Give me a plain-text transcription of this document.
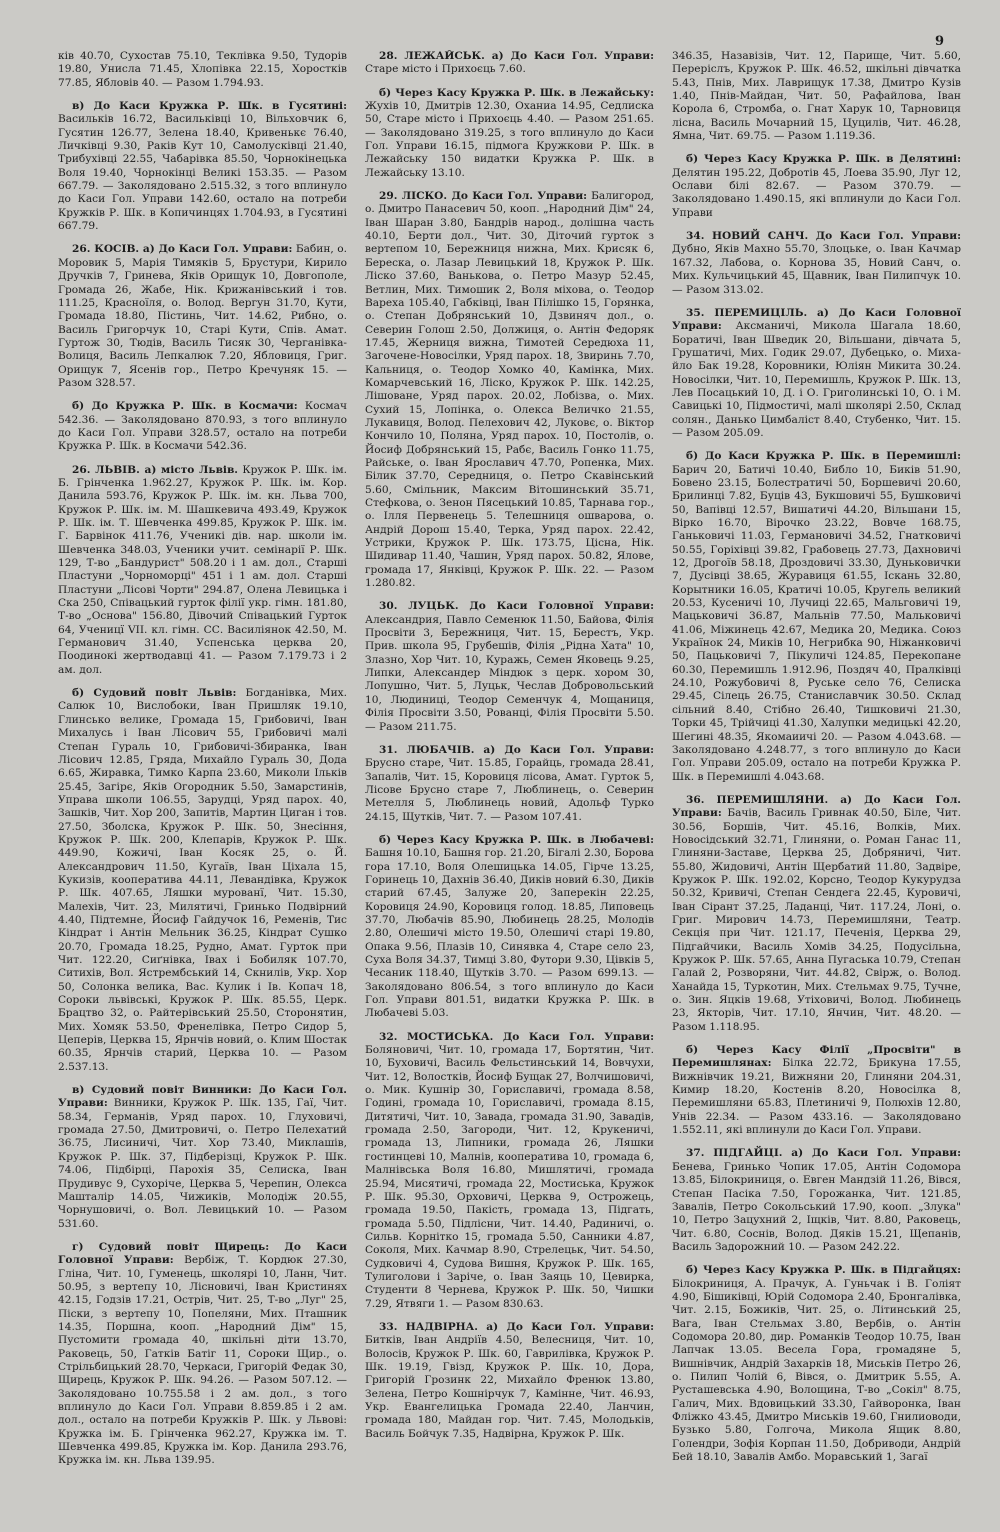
9

ків 40.70, Сухостав 75.10, Теклівка 9.50, Тудорів 19.80, Унисла 71.45, Хлопівка 22.15, Хоростків 77.85, Ябловів 40. — Разом 1.794.93.

в) До Каси Кружка Р. Шк. в Гусятині: Васильків 16.72, Васильківці 10, Вільховчик 6, Гусятин 126.77, Зелена 18.40, Кривенькє 76.40, Личківці 9.30, Раків Кут 10, Самолусківці 21.40, Трибухівці 22.55, Чабарівка 85.50, Чорнокінецька Воля 19.40, Чорнокінці Великі 153.35. — Разом 667.79. — Заколядовано 2.515.32, з того вплинуло до Каси Гол. Управи 142.60, остало на потреби Кружків Р. Шк. в Копичинцях 1.704.93, в Гусятині 667.79.

26. КОСІВ. а) До Каси Гол. Управи: Бабин, о. Моровик 5, Марія Тимяків 5, Брустури, Кирило Дручків 7, Гринева, Яків Орищук 10, Довгополе, Громада 26, Жабе, Нік. Крижанівський і тов. 111.25, Красноїля, о. Волод. Вергун 31.70, Кути, Громада 18.80, Пістинь, Чит. 14.62, Рибно, о. Василь Григорчук 10, Старі Кути, Спів. Амат. Гуртож 30, Тюдів, Василь Тисяк 30, Черганівка-Волиця, Василь Лепкалюк 7.20, Ябловиця, Григ. Орищук 7, Ясенів гор., Петро Кречуняк 15. — Разом 328.57.

б) До Кружка Р. Шк. в Космачи: Космач 542.36. — Заколядовано 870.93, з того вплинуло до Каси Гол. Управи 328.57, остало на потреби Кружка Р. Шк. в Космачи 542.36.

26. ЛЬВІВ. а) місто Львів. Кружок Р. Шк. ім. Б. Грінченка 1.962.27, Кружок Р. Шк. ім. Кор. Данила 593.76, Кружок Р. Шк. ім. кн. Льва 700, Кружок Р. Шк. ім. М. Шашкевича 493.49, Кружок Р. Шк. ім. Т. Шевченка 499.85, Кружок Р. Шк. ім. Г. Барвінок 411.76, Ученикі дів. нар. школи ім. Шевченка 348.03, Ученики учит. семінарії Р. Шк. 129, Т-во „Бандурист" 508.20 і 1 ам. дол., Старші Пластуни „Чорноморці" 451 і 1 ам. дол. Старші Пластуни „Лісові Чорти" 294.87, Олена Левицька і Ска 250, Співацький гурток філії укр. гімн. 181.80, Т-во „Основа" 156.80, Дівочий Співацький Гурток 64, Ученицї VII. кл. гімн. СС. Василіянок 42.50, М. Германович 31.40, Успенська церква 20, Поодинокі жертводавці 41. — Разом 7.179.73 і 2 ам. дол.

б) Судовий повіт Львів: Богданівка, Мих. Салюк 10, Вислобоки, Іван Пришляк 19.10, Глинсько велике, Громада 15, Грибовичі, Іван Михалусь і Іван Лісович 55, Грибовичі малі Степан Гураль 10, Грибовичі-Збиранка, Іван Лісович 12.85, Гряда, Михайло Гураль 30, Дода 6.65, Жиравка, Тимко Карпа 23.60, Миколи Ільків 25.45, Загірє, Яків Огородник 5.50, Замарстинів, Управа школи 106.55, Зарудці, Уряд парох. 40, Зашків, Чит. Хор 200, Запитів, Мартин Циган і тов. 27.50, Зболска, Кружок Р. Шк. 50, Знесіння, Кружок Р. Шк. 200, Клепарів, Кружок Р. Шк. 449.90, Кожичі, Іван Косяк 25, о. Й. Александрович 11.50, Кугаїв, Іван Ціхала 15, Кукизів, кооператива 44.11, Левандівка, Кружок Р. Шк. 407.65, Ляшки мурованї, Чит. 15.30, Малехів, Чит. 23, Милятичі, Гринько Подвірний 4.40, Підтемне, Йосиф Гайдучок 16, Ременів, Тис Кіндрат і Антін Мельник 36.25, Кіндрат Сушко 20.70, Громада 18.25, Рудно, Амат. Гурток при Чит. 122.20, Сиґнівка, Івах і Бобиляк 107.70, Ситихів, Вол. Ястрембський 14, Скнилів, Укр. Хор 50, Солонка велика, Вас. Кулик і Ів. Копач 18, Сороки львівські, Кружок Р. Шк. 85.55, Церк. Брацтво 32, о. Райтерівський 25.50, Сторонятин, Мих. Хомяк 53.50, Френелівка, Петро Сидор 5, Цеперів, Церква 15, Ярнчів новий, о. Клим Шостак 60.35, Ярнчів старий, Церква 10. — Разом 2.537.13.

в) Судовий повіт Винники: До Каси Гол. Управи: Винники, Кружок Р. Шк. 135, Гаї, Чит. 58.34, Германів, Уряд парох. 10, Глуховичі, громада 27.50, Дмитровичі, о. Петро Пелехатий 36.75, Лисиничі, Чит. Хор 73.40, Миклашів, Кружок Р. Шк. 37, Підберізці, Кружок Р. Шк. 74.06, Підбірці, Парохія 35, Селиска, Іван Прудивус 9, Сухоріче, Церква 5, Черепин, Олекса Машталір 14.05, Чижиків, Молодіж 20.55, Чорнушовичі, о. Вол. Левицький 10. — Разом 531.60.

г) Судовий повіт Щирець: До Каси Головної Управи: Вербіж, Т. Кордюк 27.30, Гліна, Чит. 10, Гуменець, школярі 10, Ланн, Чит. 50.95, з вертепу 10, Лісновичі, Іван Кристинях 42.15, Годзів 17.21, Острів, Чит. 25, Т-во „Луг" 25, Піски, з вертепу 10, Попеляни, Мих. Пташник 14.35, Поршна, кооп. „Народний Дім" 15, Пустомити громада 40, шкільні діти 13.70, Раковець, 50, Гатків Батіг 11, Сороки Щир., о. Стрільбицький 28.70, Черкаси, Григорій Федак 30, Щирець, Кружок Р. Шк. 94.26. — Разом 507.12. — Заколядовано 10.755.58 і 2 ам. дол., з того вплинуло до Каси Гол. Управи 8.859.85 і 2 ам. дол., остало на потреби Кружків Р. Шк. у Львові: Кружка ім. Б. Грінченка 962.27, Кружка ім. Т. Шевченка 499.85, Кружка ім. Кор. Данила 293.76, Кружка ім. кн. Льва 139.95.

28. ЛЕЖАЙСЬК. а) До Каси Гол. Управи: Старе місто і Прихоєць 7.60.

б) Через Касу Кружка Р. Шк. в Лежайську: Жухів 10, Дмитрів 12.30, Оханиа 14.95, Седлиска 50, Старе місто і Прихоєць 4.40. — Разом 251.65. — Заколядовано 319.25, з того вплинуло до Каси Гол. Управи 16.15, підмога Кружкови Р. Шк. в Лежайську 150 видатки Кружка Р. Шк. в Лежайську 13.10.

29. ЛІСКО. До Каси Гол. Управи: Балигород, о. Дмитро Панасевич 50, кооп. „Народний Дім" 24, Іван Шаран 3.80, Бандрів народ., долішна часть 40.10, Берти дол., Чит. 30, Діточий гурток з вертепом 10, Бережниця нижна, Мих. Крисяк 6, Береска, о. Лазар Левицький 18, Кружок Р. Шк. Ліско 37.60, Ванькова, о. Петро Мазур 52.45, Ветлин, Мих. Тимошик 2, Воля міхова, о. Теодор Вареха 105.40, Габківці, Іван Пілішко 15, Горянка, о. Степан Добрянський 10, Дзвиняч дол., о. Северин Голош 2.50, Должиця, о. Антін Федоряк 17.45, Жерниця вижна, Тимотей Середюха 11, Загочене-Новосілки, Уряд парох. 18, Звиринь 7.70, Кальниця, о. Теодор Хомко 40, Камінка, Мих. Комарчевський 16, Ліско, Кружок Р. Шк. 142.25, Лішоване, Уряд парох. 20.02, Лобізва, о. Мих. Сухий 15, Лопінка, о. Олекса Величко 21.55, Лукавиця, Волод. Пелехович 42, Луковє, о. Віктор Кончило 10, Поляна, Уряд парох. 10, Постолів, о. Йосиф Добрянський 15, Рабє, Василь Гонко 11.75, Райське, о. Іван Ярославич 47.70, Ропенка, Мих. Білик 37.70, Середниця, о. Петро Скавінський 5.60, Смільник, Максим Вітошинський 35.71, Стефкова, о. Зенон Пясецький 10.85, Тарнава гор., о. Ілля Первенець 5. Телешниця ошварова, о. Андрій Дорош 15.40, Терка, Уряд парох. 22.42, Устрики, Кружок Р. Шк. 173.75, Цісна, Нік. Шидивар 11.40, Чашин, Уряд парох. 50.82, Ялове, громада 17, Янківці, Кружок Р. Шк. 22. — Разом 1.280.82.

30. ЛУЦЬК. До Каси Головної Управи: Александрия, Павло Семенюк 11.50, Байова, Філія Просвіти 3, Бережниця, Чит. 15, Берестъ, Укр. Прив. школа 95, Грубешів, Філія „Рідна Хата" 10, Злазно, Хор Чит. 10, Куражь, Семен Яковець 9.25, Липки, Александер Міндюк з церк. хором 30, Лопушно, Чит. 5, Луцьк, Чеслав Добровольський 10, Людиниці, Теодор Семенчук 4, Мощаниця, Філія Просвіти 3.50, Рованці, Філія Просвіти 5.50. — Разом 211.75.

31. ЛЮБАЧІВ. а) До Каси Гол. Управи: Брусно старе, Чит. 15.85, Горайць, громада 28.41, Запалів, Чит. 15, Коровиця лісова, Амат. Гурток 5, Лісове Брусно старе 7, Люблинець, о. Северин Метелля 5, Люблинець новий, Адольф Турко 24.15, Щутків, Чит. 7. — Разом 107.41.

б) Через Касу Кружка Р. Шк. в Любачеві: Башня 10.10, Башня гор. 21.20, Бігалі 2.30, Борова гора 17.10, Воля Олешицька 14.05, Гірче 13.25, Горинець 10, Дахнів 36.40, Диків новий 6.30, Диків старий 67.45, Залуже 20, Заперекін 22.25, Коровиця 24.90, Коровиця голод. 18.85, Липовець 37.70, Любачів 85.90, Любинець 28.25, Молодів 2.80, Олешичі місто 19.50, Олешичі старі 19.80, Опака 9.56, Плазів 10, Синявка 4, Старе село 23, Суха Воля 34.37, Тимці 3.80, Футори 9.30, Цівків 5, Чесаник 118.40, Щутків 3.70. — Разом 699.13. — Заколядовано 806.54, з того вплинуло до Каси Гол. Управи 801.51, видатки Кружка Р. Шк. в Любачеві 5.03.

32. МОСТИСЬКА. До Каси Гол. Управи: Боляновичі, Чит. 10, громада 17, Бортятин, Чит. 10, Буховичі, Василь Фельстинський 14, Вовчухи, Чит. 12, Волостків, Йосиф Бущак 27, Волчишовичі, о. Мик. Кушнір 30, Гориславичі, громада 8.58, Годині, громада 10, Гориславичі, громада 8.15, Дитятичі, Чит. 10, Завада, громада 31.90, Завадів, громада 2.50, Загороди, Чит. 12, Крукеничі, громада 13, Липники, громада 26, Ляшки гостинцеві 10, Малнів, кооператива 10, громада 6, Малнівська Воля 16.80, Мишлятичі, громада 25.94, Мисятичі, громада 22, Мостиська, Кружок Р. Шк. 95.30, Орховичі, Церква 9, Острожець, громада 19.50, Пакість, громада 13, Підгать, громада 5.50, Підлісни, Чит. 14.40, Радиничі, о. Сильв. Корнітко 15, громада 5.50, Санники 4.87, Соколя, Мих. Качмар 8.90, Стрелецьк, Чит. 54.50, Судковичі 4, Судова Вишня, Кружок Р. Шк. 165, Тулиголови і Заріче, о. Іван Заяць 10, Цевирка, Студенти 8 Чернева, Кружок Р. Шк. 50, Чишки 7.29, Ятвяги 1. — Разом 830.63.

33. НАДВІРНА. а) До Каси Гол. Управи: Битків, Іван Андріїв 4.50, Велесниця, Чит. 10, Волосів, Кружок Р. Шк. 60, Гаврилівка, Кружок Р. Шк. 19.19, Гвізд, Кружок Р. Шк. 10, Дора, Григорій Грозинк 22, Михайло Френюк 13.80, Зелена, Петро Кошнірчук 7, Камінне, Чит. 46.93, Укр. Евангелицька Громада 22.40, Ланчин, громада 180, Майдан гор. Чит. 7.45, Молодьків, Василь Бойчук 7.35, Надвірна, Кружок Р. Шк.

346.35, Назавізів, Чит. 12, Парище, Чит. 5.60, Переріслъ, Кружок Р. Шк. 46.52, шкільні дівчатка 5.43, Пнів, Мих. Лаврищук 17.38, Дмитро Кузів 1.40, Пнів-Майдан, Чит. 50, Рафайлова, Іван Корола 6, Стромба, о. Гнат Харук 10, Тарновиця лісна, Василь Мочарний 15, Цуцилів, Чит. 46.28, Ямна, Чит. 69.75. — Разом 1.119.36.

б) Через Касу Кружка Р. Шк. в Делятині: Делятин 195.22, Добротів 45, Лоева 35.90, Луг 12, Ослави білі 82.67. — Разом 370.79. — Заколядовано 1.490.15, які вплинули до Каси Гол. Управи

34. НОВИЙ САНЧ. До Каси Гол. Управи: Дубно, Яків Махно 55.70, Злоцьке, о. Іван Качмар 167.32, Лабова, о. Корнова 35, Новий Санч, о. Мих. Кульчицький 45, Щавник, Іван Пилипчук 10. — Разом 313.02.

35. ПЕРЕМИЦІЛЬ. а) До Каси Головної Управи: Аксманичі, Микола Шагала 18.60, Боратичі, Іван Шведик 20, Вільшани, дівчата 5, Грушатичі, Мих. Годик 29.07, Дубецько, о. Михайло Бак 19.28, Коровники, Юліян Микита 30.24. Новосілки, Чит. 10, Перемишль, Кружок Р. Шк. 13, Лев Посацький 10, Д. і О. Григолинські 10, О. і М. Савицькі 10, Підмостичі, малі школярі 2.50, Склад солян., Данько Цимбаліст 8.40, Стубенко, Чит. 15. — Разом 205.09.

б) До Каси Кружка Р. Шк. в Перемишлі: Барич 20, Батичі 10.40, Библо 10, Биків 51.90, Бовено 23.15, Болестратичі 50, Боршевичі 20.60, Брилинці 7.82, Буців 43, Букшовичі 55, Бушковичі 50, Вапівці 12.57, Вишатичі 44.20, Вільшани 15, Вірко 16.70, Вірочко 23.22, Вовче 168.75, Ганьковичі 11.03, Германовичі 34.52, Гнатковичі 50.55, Горіхівці 39.82, Грабовець 27.73, Дахновичі 12, Дрогоїв 58.18, Дроздовичі 33.30, Дуньковички 7, Дусівці 38.65, Журавиця 61.55, Іскань 32.80, Корытники 16.05, Кратичі 10.05, Кругель великий 20.53, Кусеничі 10, Лучиці 22.65, Мальговичі 19, Мацьковичі 36.87, Мальнів 77.50, Мальковичі 41.06, Міжинець 42.67, Медика 20, Медика. Союз Українок 24, Миків 10, Негрибка 90, Ніжанковичі 50, Пацьковичі 7, Пікуличі 124.85, Перекопане 60.30, Перемишль 1.912.96, Поздяч 40, Пралківці 24.10, Рожубовичі 8, Руське село 76, Селиска 29.45, Сілець 26.75, Станиславчик 30.50. Склад сільний 8.40, Стібно 26.40, Тишковичі 21.30, Торки 45, Трійчиці 41.30, Халупки медицькі 42.20, Шегині 48.35, Якомаиичі 20. — Разом 4.043.68. — Заколядовано 4.248.77, з того вплинуло до Каси Гол. Управи 205.09, остало на потреби Кружка Р. Шк. в Перемишлі 4.043.68.

36. ПЕРЕМИШЛЯНИ. а) До Каси Гол. Управи: Бачів, Василь Гривнак 40.50, Біле, Чит. 30.56, Боршів, Чит. 45.16, Волків, Мих. Новосідський 32.71, Глиняни, о. Роман Ганас 11, Глиняни-Заставе, Церква 25, Добряничі, Чит. 55.80, Жидовичі, Антін Щербатий 11.80, Задвіре, Кружок Р. Шк. 192.02, Корсно, Теодор Кукурудза 50.32, Кривичі, Степан Сендега 22.45, Куровичі, Іван Сірант 37.25, Ладанці, Чит. 117.24, Лоні, о. Григ. Мирович 14.73, Перемишляни, Театр. Секція при Чит. 121.17, Печенія, Церква 29, Підгайчики, Василь Хомів 34.25, Подусільна, Кружок Р. Шк. 57.65, Анна Пугаська 10.79, Степан Галай 2, Розворяни, Чит. 44.82, Свірж, о. Волод. Ханайда 15, Туркотин, Мих. Стельмах 9.75, Тучне, о. Зин. Яцків 19.68, Утіховичі, Волод. Любинець 23, Якторів, Чит. 17.10, Янчин, Чит. 48.20. — Разом 1.118.95.

б) Через Касу Філії „Просвіти" в Перемишлянах: Білка 22.72, Брикуна 17.55, Вижнівчик 19.21, Вижняни 20, Глиняни 204.31, Кимир 18.20, Костенів 8.20, Новосілка 8, Перемишляни 65.83, Плетиничі 9, Полюхів 12.80, Унів 22.34. — Разом 433.16. — Заколядовано 1.552.11, які вплинули до Каси Гол. Управи.

37. ПІДГАЙЦІ. а) До Каси Гол. Управи: Бенева, Гринько Чопик 17.05, Антін Содомора 13.85, Білокриниця, о. Евген Мандзій 11.26, Вівся, Степан Пасіка 7.50, Горожанка, Чит. 121.85, Завалів, Петро Сокольський 17.90, кооп. „Злука" 10, Петро Зацухний 2, Іщків, Чит. 8.80, Раковець, Чит. 6.80, Соснів, Волод. Дяків 15.21, Щепанів, Василь Задорожний 10. — Разом 242.22.

б) Через Касу Кружка Р. Шк. в Підгайцях: Білокриниця, А. Прачук, А. Гуньчак і В. Голіят 4.90, Бішиківці, Юрій Содомора 2.40, Бронгалівка, Чит. 2.15, Божиків, Чит. 25, о. Літинський 25, Вага, Іван Стельмах 3.80, Вербів, о. Антін Содомора 20.80, дир. Романків Теодор 10.75, Іван Лапчак 13.05. Весела Гора, громадяне 5, Вишнівчик, Андрій Захарків 18, Миськів Петро 26, о. Пилип Чолій 6, Вівся, о. Дмитрик 5.55, А. Русташевська 4.90, Волощина, Т-во „Сокіл" 8.75, Галич, Мих. Вдовицький 33.30, Гайворонка, Іван Фліжко 43.45, Дмитро Миськів 19.60, Гнилиоводи, Бузько 5.80, Голгоча, Микола Ящик 8.80, Голендри, Зофія Корпан 11.50, Добриводи, Андрій Бей 18.10, Завалів Амбо. Моравський 1, Загаї
